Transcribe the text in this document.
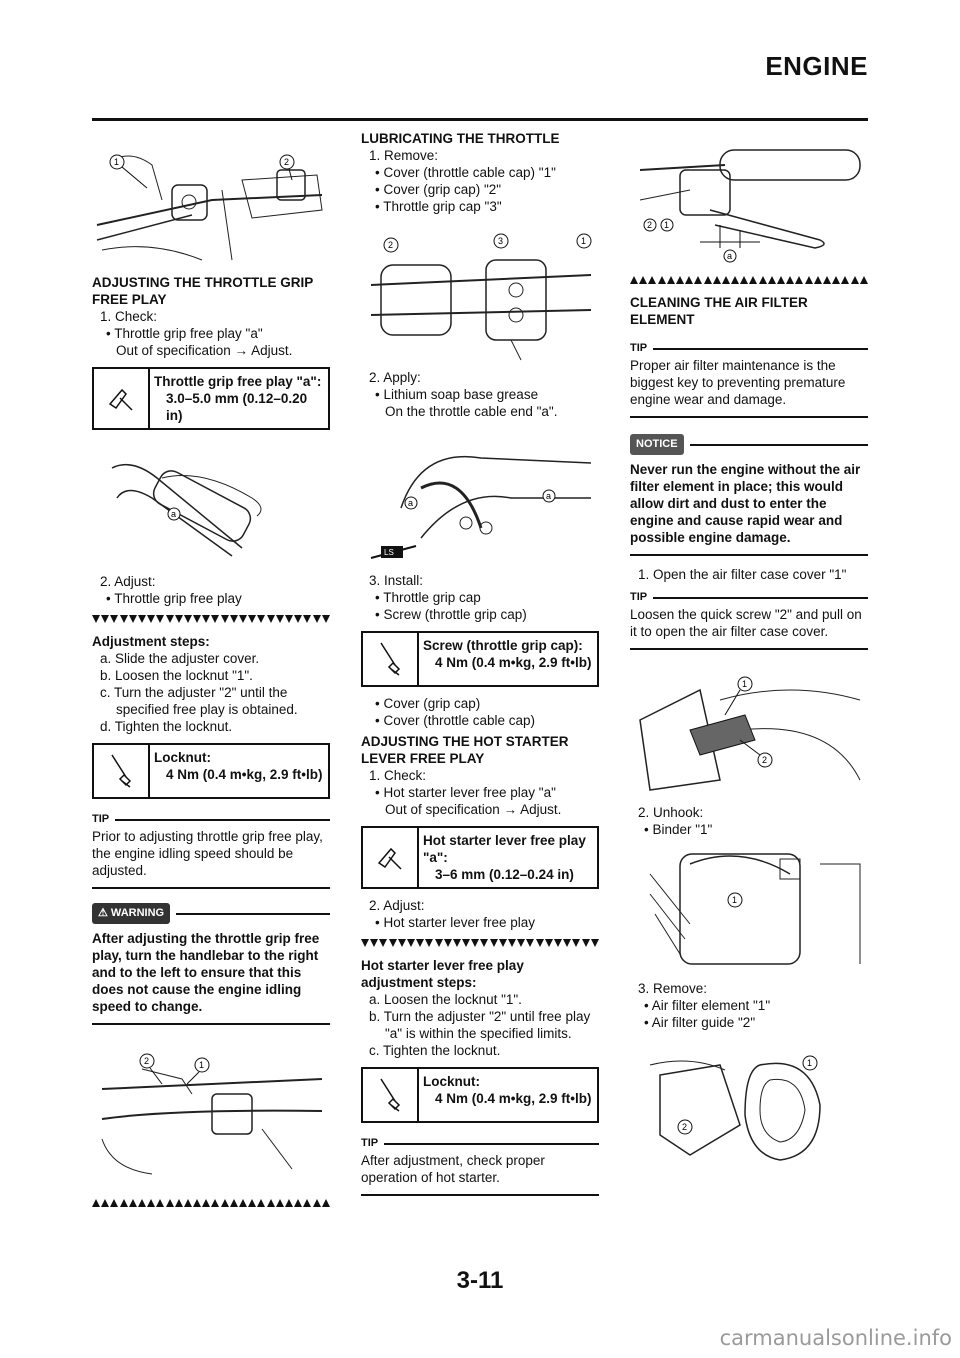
ENGINE
1	2
ADJUSTING THE THROTTLE GRIP FREE PLAY
1. Check:
• Throttle grip free play "a"
Out of specification → Adjust.
Throttle grip free play "a":
3.0–5.0 mm (0.12–0.20 in)
a
2. Adjust:
• Throttle grip free play
Adjustment steps:
a. Slide the adjuster cover.
b. Loosen the locknut "1".
c. Turn the adjuster "2" until the specified free play is obtained.
d. Tighten the locknut.
Locknut:
4 Nm (0.4 m•kg, 2.9 ft•lb)
TIP
Prior to adjusting throttle grip free play, the engine idling speed should be adjusted.
⚠ WARNING
After adjusting the throttle grip free play, turn the handlebar to the right and to the left to ensure that this does not cause the engine idling speed to change.
2	1
LUBRICATING THE THROTTLE
1. Remove:
• Cover (throttle cable cap) "1"
• Cover (grip cap) "2"
• Throttle grip cap "3"
2	3	1
2. Apply:
• Lithium soap base grease
On the throttle cable end "a".
a
a
LS
3. Install:
• Throttle grip cap
• Screw (throttle grip cap)
Screw (throttle grip cap):
4 Nm (0.4 m•kg, 2.9 ft•lb)
• Cover (grip cap)
• Cover (throttle cable cap)
ADJUSTING THE HOT STARTER LEVER FREE PLAY
1. Check:
• Hot starter lever free play "a"
Out of specification → Adjust.
Hot starter lever free play "a":
3–6 mm (0.12–0.24 in)
2. Adjust:
• Hot starter lever free play
Hot starter lever free play adjustment steps:
a. Loosen the locknut "1".
b. Turn the adjuster "2" until free play "a" is within the specified limits.
c. Tighten the locknut.
Locknut:
4 Nm (0.4 m•kg, 2.9 ft•lb)
TIP
After adjustment, check proper operation of hot starter.
2 1
a
CLEANING THE AIR FILTER ELEMENT
TIP
Proper air filter maintenance is the biggest key to preventing premature engine wear and damage.
NOTICE
Never run the engine without the air filter element in place; this would allow dirt and dust to enter the engine and cause rapid wear and possible engine damage.
1. Open the air filter case cover "1"
TIP
Loosen the quick screw "2" and pull on it to open the air filter case cover.
1
2
2. Unhook:
• Binder "1"
1
3. Remove:
• Air filter element "1"
• Air filter guide "2"
1
2
3-11
carmanualsonline.info
